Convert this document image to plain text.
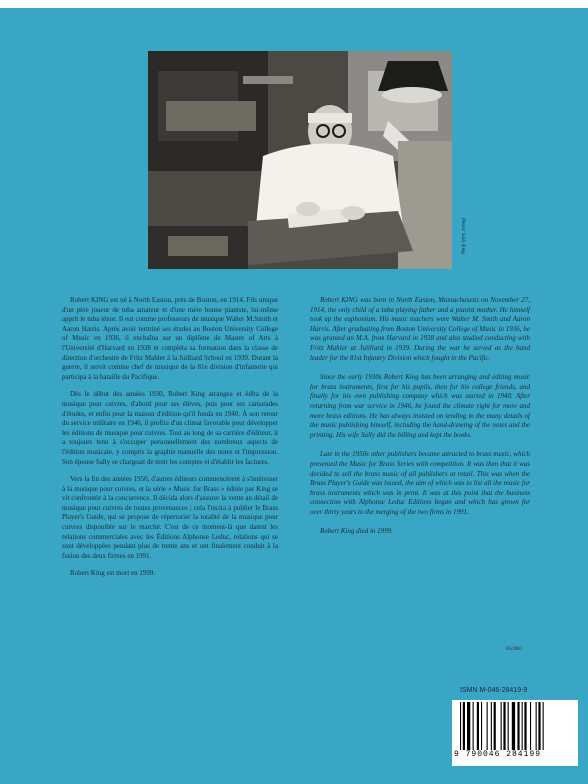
Photo: Sally King

Robert KING est né à North Easton, près de Boston, en 1914. Fils unique d'un père joueur de tuba amateur et d'une mère bonne pianiste, lui-même apprit le tuba ténor. Il eut comme professeurs de musique Walter M.Smith et Aaron Harris. Après avoir terminé ses études au Boston University College of Music en 1936, il enchaîna sur un diplôme de Master of Arts à l'Université d'Harvard en 1938 et compléta sa formation dans la classe de direction d'orchestre de Fritz Mahler à la Juilliard School en 1939. Durant la guerre, il servit comme chef de musique de la 81e division d'infanterie qui participa à la bataille du Pacifique.

Dès le début des années 1930, Robert King arrangea et édita de la musique pour cuivres, d'abord pour ses élèves, puis pour ses camarades d'études, et enfin pour la maison d'édition qu'il fonda en 1940. À son retour du service militaire en 1946, il profita d'un climat favorable pour développer les éditions de musique pour cuivres. Tout au long de sa carrière d'éditeur, il a toujours tenu à s'occuper personnellement des nombreux aspects de l'édition musicale, y compris la graphie manuelle des notes et l'impression. Son épouse Sally se chargeait de tenir les comptes et d'établir les factures.

Vers la fin des années 1950, d'autres éditeurs commencèrent à s'intéresser à la musique pour cuivres, et la série « Music for Brass » éditée par King se vit confrontée à la concurrence. Il décida alors d'assurer la vente au détail de musique pour cuivres de toutes provenances ; cela l'incita à publier le Brass Player's Guide, qui se propose de répertorier la totalité de la musique pour cuivres disponible sur le marché. C'est de ce moment-là que datent les relations commerciales avec les Éditions Alphonse Leduc, relations qui se sont développées pendant plus de trente ans et ont finalement conduit à la fusion des deux firmes en 1991.

Robert King est mort en 1999.

Robert KING was born in North Easton, Massachusetts on November 27, 1914, the only child of a tuba playing father and a pianist mother. He himself took up the euphonium. His music teachers were Walter M. Smith and Aaron Harris. After graduating from Boston University College of Music in 1936, he was granted an M.A. from Harvard in 1938 and also studied conducting with Fritz Mahler at Juilliard in 1939. During the war he served as the band leader for the 81st Infantry Division which fought in the Pacific.

Since the early 1930s Robert King has been arranging and editing music for brass instruments, first for his pupils, then for his college friends, and finally for his own publishing company which was started in 1940. After returning from war service in 1946, he found the climate right for more and more brass editions. He has always insisted on tending to the many details of the music publishing himself, including the hand-drawing of the notes and the printing. His wife Sally did the billing and kept the books.

Late in the 1950s other publishers became attracted to brass music, which presented the Music for Brass Series with competition. It was then that it was decided to sell the brass music of all publishers at retail. This was when the Brass Player's Guide was issued, the aim of which was to list all the music for brass instruments which was in print. It was at this point that the business connection with Alphonse Leduc Editions began and which has grown for over thirty years to the merging of the two firms in 1991.

Robert King died in 1999.

05/2001
ISMN M-046-28419-9
9 790046 284199
